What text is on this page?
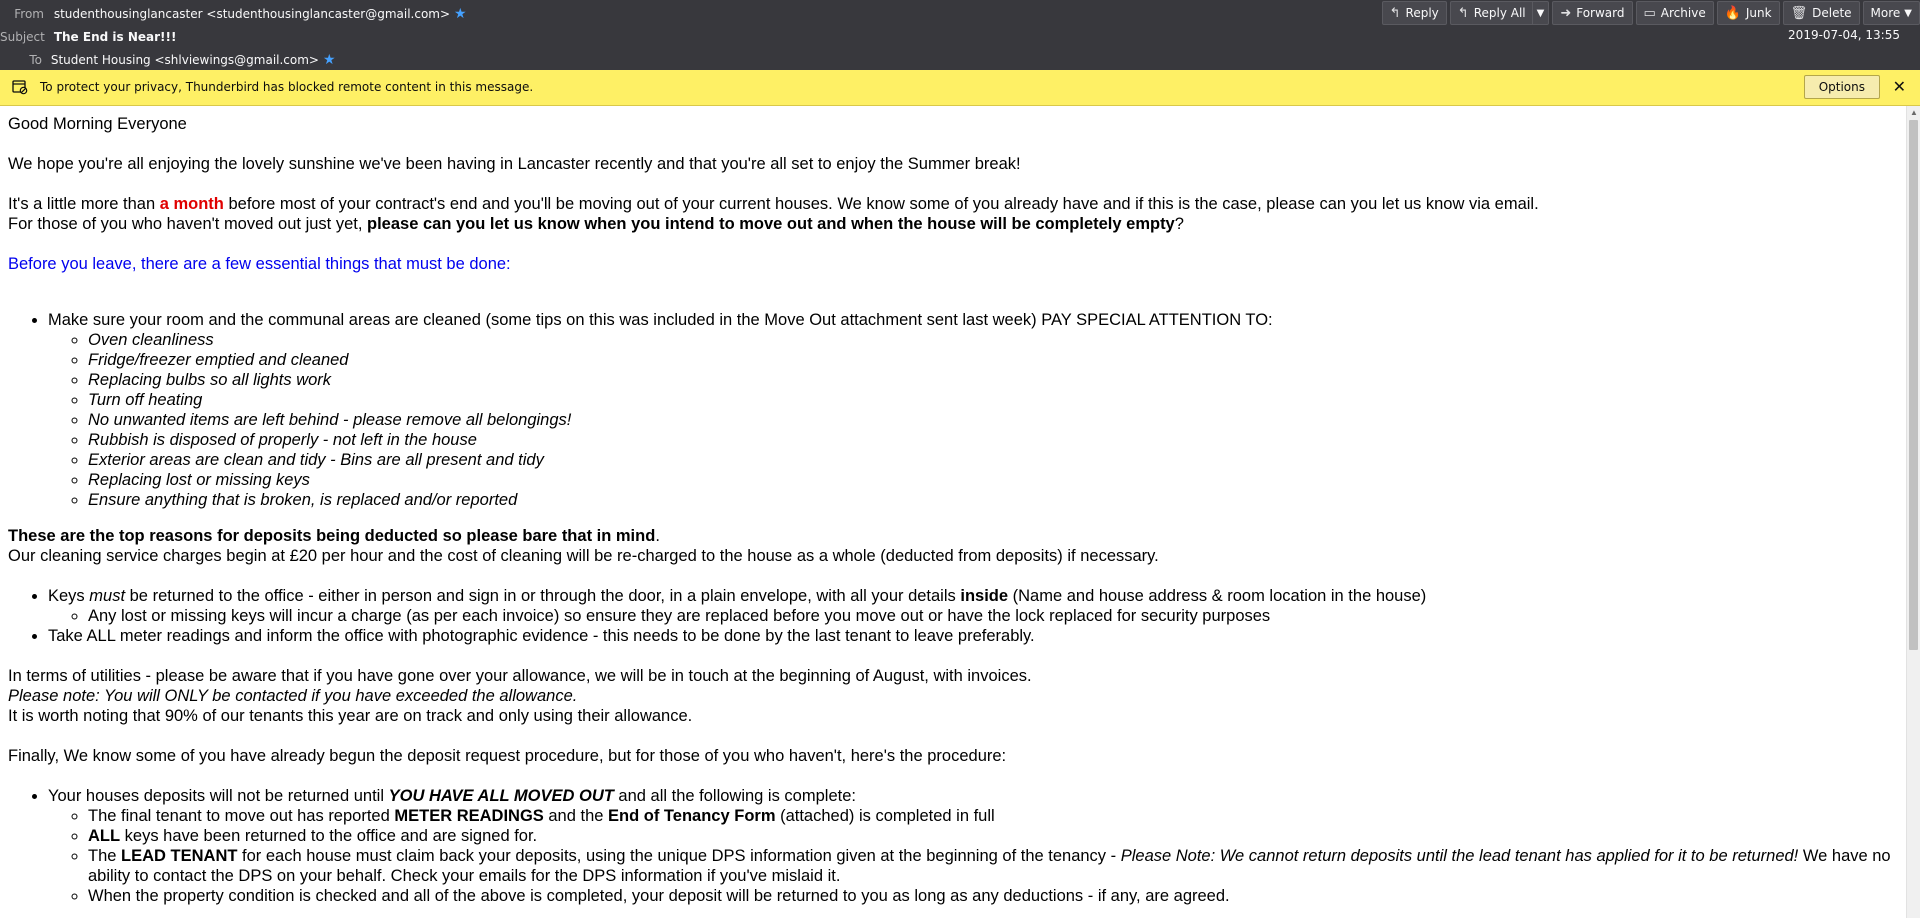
From studenthousinglancaster <studenthousinglancaster@gmail.com> ★
Subject The End is Near!!!
To Student Housing <shlviewings@gmail.com> ★
↰ Reply ↰ Reply All	▼	➜ Forward ▭ Archive 🔥 Junk 🗑 Delete More ▼
2019-07-04, 13:55
To protect your privacy, Thunderbird has blocked remote content in this message.	Options	✕

Good Morning Everyone

We hope you're all enjoying the lovely sunshine we've been having in Lancaster recently and that you're all set to enjoy the Summer break!

It's a little more than a month before most of your contract's end and you'll be moving out of your current houses. We know some of you already have and if this is the case, please can you let us know via email.
For those of you who haven't moved out just yet, please can you let us know when you intend to move out and when the house will be completely empty?

Before you leave, there are a few essential things that must be done:

• Make sure your room and the communal areas are cleaned (some tips on this was included in the Move Out attachment sent last week) PAY SPECIAL ATTENTION TO:
◦ Oven cleanliness
◦ Fridge/freezer emptied and cleaned
◦ Replacing bulbs so all lights work
◦ Turn off heating
◦ No unwanted items are left behind - please remove all belongings!
◦ Rubbish is disposed of properly - not left in the house
◦ Exterior areas are clean and tidy - Bins are all present and tidy
◦ Replacing lost or missing keys
◦ Ensure anything that is broken, is replaced and/or reported

These are the top reasons for deposits being deducted so please bare that in mind.
Our cleaning service charges begin at £20 per hour and the cost of cleaning will be re-charged to the house as a whole (deducted from deposits) if necessary.

• Keys must be returned to the office - either in person and sign in or through the door, in a plain envelope, with all your details inside (Name and house address & room location in the house)
◦ Any lost or missing keys will incur a charge (as per each invoice) so ensure they are replaced before you move out or have the lock replaced for security purposes
• Take ALL meter readings and inform the office with photographic evidence - this needs to be done by the last tenant to leave preferably.

In terms of utilities - please be aware that if you have gone over your allowance, we will be in touch at the beginning of August, with invoices.
Please note: You will ONLY be contacted if you have exceeded the allowance.
It is worth noting that 90% of our tenants this year are on track and only using their allowance.

Finally, We know some of you have already begun the deposit request procedure, but for those of you who haven't, here's the procedure:

• Your houses deposits will not be returned until YOU HAVE ALL MOVED OUT and all the following is complete:
◦ The final tenant to move out has reported METER READINGS and the End of Tenancy Form (attached) is completed in full
◦ ALL keys have been returned to the office and are signed for.
◦ The LEAD TENANT for each house must claim back your deposits, using the unique DPS information given at the beginning of the tenancy - Please Note: We cannot return deposits until the lead tenant has applied for it to be returned! We have no ability to contact the DPS on your behalf. Check your emails for the DPS information if you've mislaid it.
◦ When the property condition is checked and all of the above is completed, your deposit will be returned to you as long as any deductions - if any, are agreed.
▲
